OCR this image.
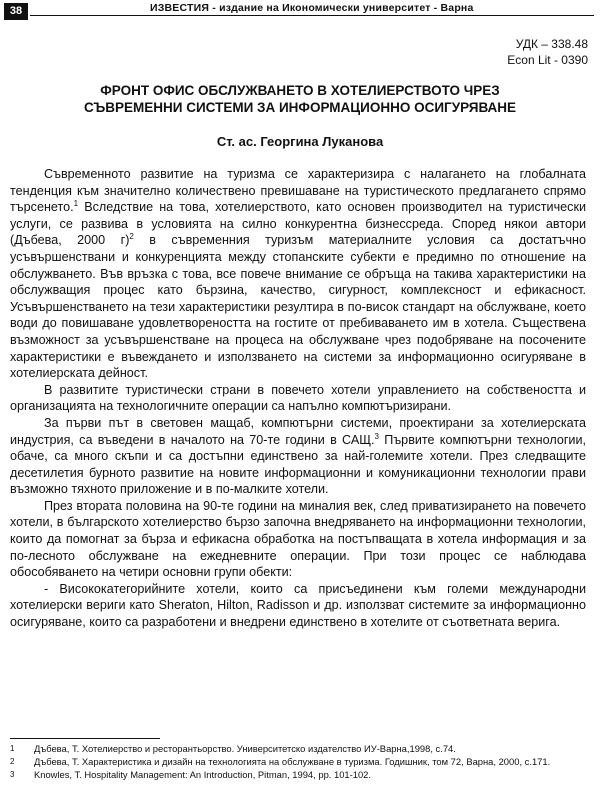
38	ИЗВЕСТИЯ - издание на Икономически университет - Варна
УДК – 338.48
Econ Lit - 0390
ФРОНТ ОФИС ОБСЛУЖВАНЕТО В ХОТЕЛИЕРСТВОТО ЧРЕЗ
СЪВРЕМЕННИ СИСТЕМИ ЗА ИНФОРМАЦИОННО ОСИГУРЯВАНЕ
Ст. ас. Георгина Луканова

Съвременното развитие на туризма се характеризира с налагането на глобалната тенденция към значително количествено превишаване на туристическото предлагането спрямо търсенето.$^1$ Вследствие на това, хотелиерството, като основен производител на туристически услуги, се развива в условията на силно конкурентна бизнессреда. Според някои автори (Дъбева, 2000 г)$^2$ в съвременния туризъм материалните условия са достатъчно усъвършенствани и конкуренцията между стопанските субекти е предимно по отношение на обслужването. Във връзка с това, все повече внимание се обръща на такива характеристики на обслужващия процес като бързина, качество, сигурност, комплексност и ефикасност. Усъвършенстването на тези характеристики резултира в по-висок стандарт на обслужване, което води до повишаване удовлетвореността на гостите от пребиваването им в хотела. Съществена възможност за усъвършенстване на процеса на обслужване чрез подобряване на посочените характеристики е въвеждането и използването на системи за информационно осигуряване в хотелиерската дейност.

В развитите туристически страни в повечето хотели управлението на собствеността и организацията на технологичните операции са напълно компютъризирани.

За първи път в световен мащаб, компютърни системи, проектирани за хотелиерската индустрия, са въведени в началото на 70-те години в САЩ.$^3$ Първите компютърни технологии, обаче, са много скъпи и са достъпни единствено за най-големите хотели. През следващите десетилетия бурното развитие на новите информационни и комуникационни технологии прави възможно тяхното приложение и в по-малките хотели.

През втората половина на 90-те години на миналия век, след приватизирането на повечето хотели, в българското хотелиерство бързо започна внедряването на информационни технологии, които да помогнат за бърза и ефикасна обработка на постъпващата в хотела информация и за по-лесното обслужване на ежедневните операции. При този процес се наблюдава обособяването на четири основни групи обекти:

- Висококатегорийните хотели, които са присъединени към големи международни хотелиерски вериги като Sheraton, Hilton, Radisson и др. използват системите за информационно осигуряване, които са разработени и внедрени единствено в хотелите от съответната верига.

1	Дъбева, Т. Хотелиерство и ресторантьорство. Университетско издателство ИУ-Варна,1998, с.74.
2	Дъбева, Т. Характеристика и дизайн на технологията на обслужване в туризма. Годишник, том 72, Варна, 2000, с.171.
3	Knowles, T. Hospitality Management: An Introduction, Pitman, 1994, pp. 101-102.
